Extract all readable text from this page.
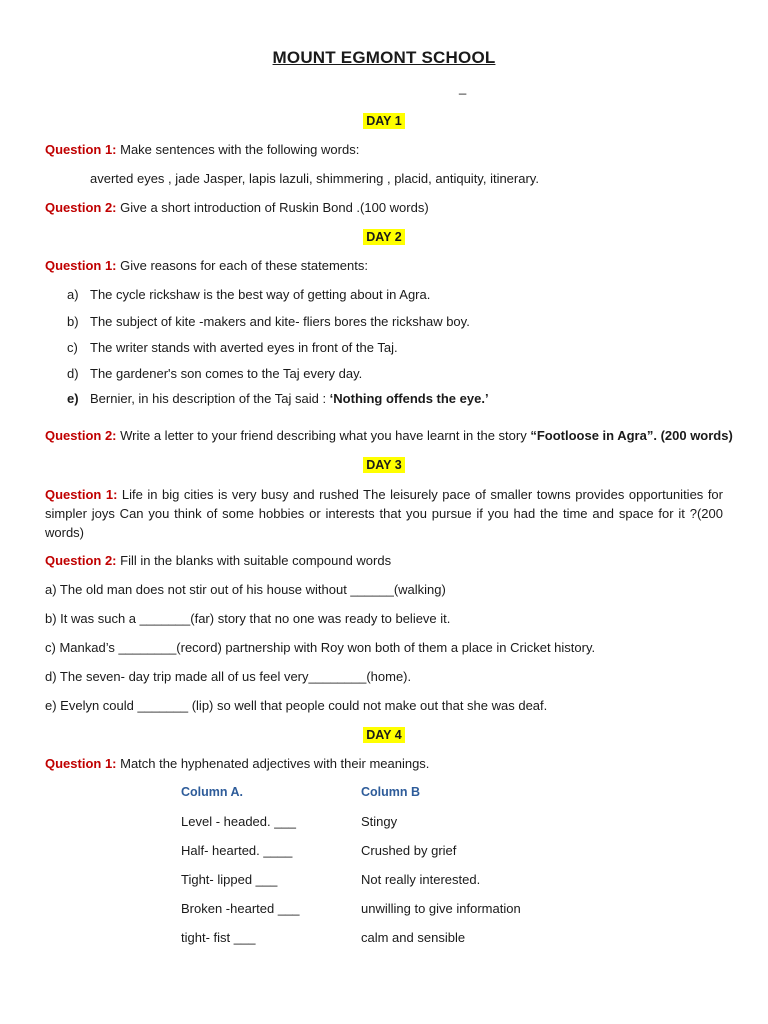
MOUNT EGMONT SCHOOL
_
DAY 1
Question 1: Make sentences with the following words:
averted eyes , jade Jasper, lapis lazuli, shimmering , placid, antiquity, itinerary.
Question 2: Give a short introduction of Ruskin Bond .(100 words)
DAY 2
Question 1: Give reasons for each of these statements:
a) The cycle rickshaw is the best way of getting about in Agra.
b) The subject of kite -makers and kite- fliers bores the rickshaw boy.
c) The writer stands with averted eyes in front of the Taj.
d) The gardener's son comes to the Taj every day.
e) Bernier, in his description of the Taj said : ‘Nothing offends the eye.’
Question 2: Write a letter to your friend describing what you have learnt in the story “Footloose in Agra”. (200 words)
DAY 3
Question 1: Life in big cities is very busy and rushed The leisurely pace of smaller towns provides opportunities for simpler joys Can you think of some hobbies or interests that you pursue if you had the time and space for it ?(200 words)
Question 2: Fill in the blanks with suitable compound words
a) The old man does not stir out of his house without ______(walking)
b) It was such a _______(far) story that no one was ready to believe it.
c) Mankad’s ________(record) partnership with Roy won both of them a place in Cricket history.
d) The seven- day trip made all of us feel very________(home).
e) Evelyn could _______ (lip) so well that people could not make out that she was deaf.
DAY 4
Question 1: Match the hyphenated adjectives with their meanings.
Column A.	Column B
Level - headed. ___	Stingy
Half- hearted. ____	Crushed by grief
Tight- lipped ___	Not really interested.
Broken -hearted ___	unwilling to give information
tight- fist ___	calm and sensible
